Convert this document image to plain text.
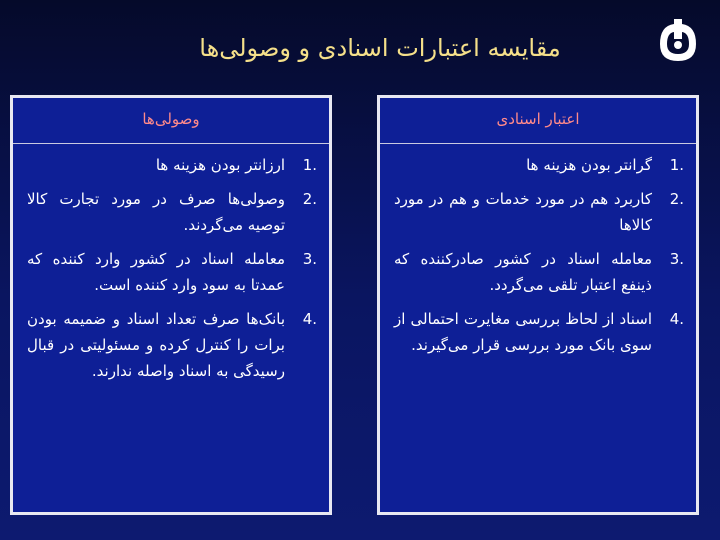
مقایسه اعتبارات اسنادی و وصولی‌ها
اعتبار اسنادی
1.
گرانتر بودن هزینه ها
2.
کاربرد هم در مورد خدمات و هم در مورد کالاها
3.
معامله اسناد در کشور صادرکننده که ذینفع اعتبار تلقی می‌گردد.
4.
اسناد از لحاظ بررسی مغایرت احتمالی از سوی بانک مورد بررسی قرار می‌گیرند.
وصولی‌ها
1.
ارزانتر بودن هزینه ها
2.
وصولی‌ها صرف در مورد تجارت کالا توصیه می‌گردند.
3.
معامله اسناد در کشور وارد کننده که عمدتا به سود وارد کننده است.
4.
بانک‌ها صرف تعداد اسناد و ضمیمه بودن برات را کنترل کرده و مسئولیتی در قبال رسیدگی به اسناد واصله ندارند.
